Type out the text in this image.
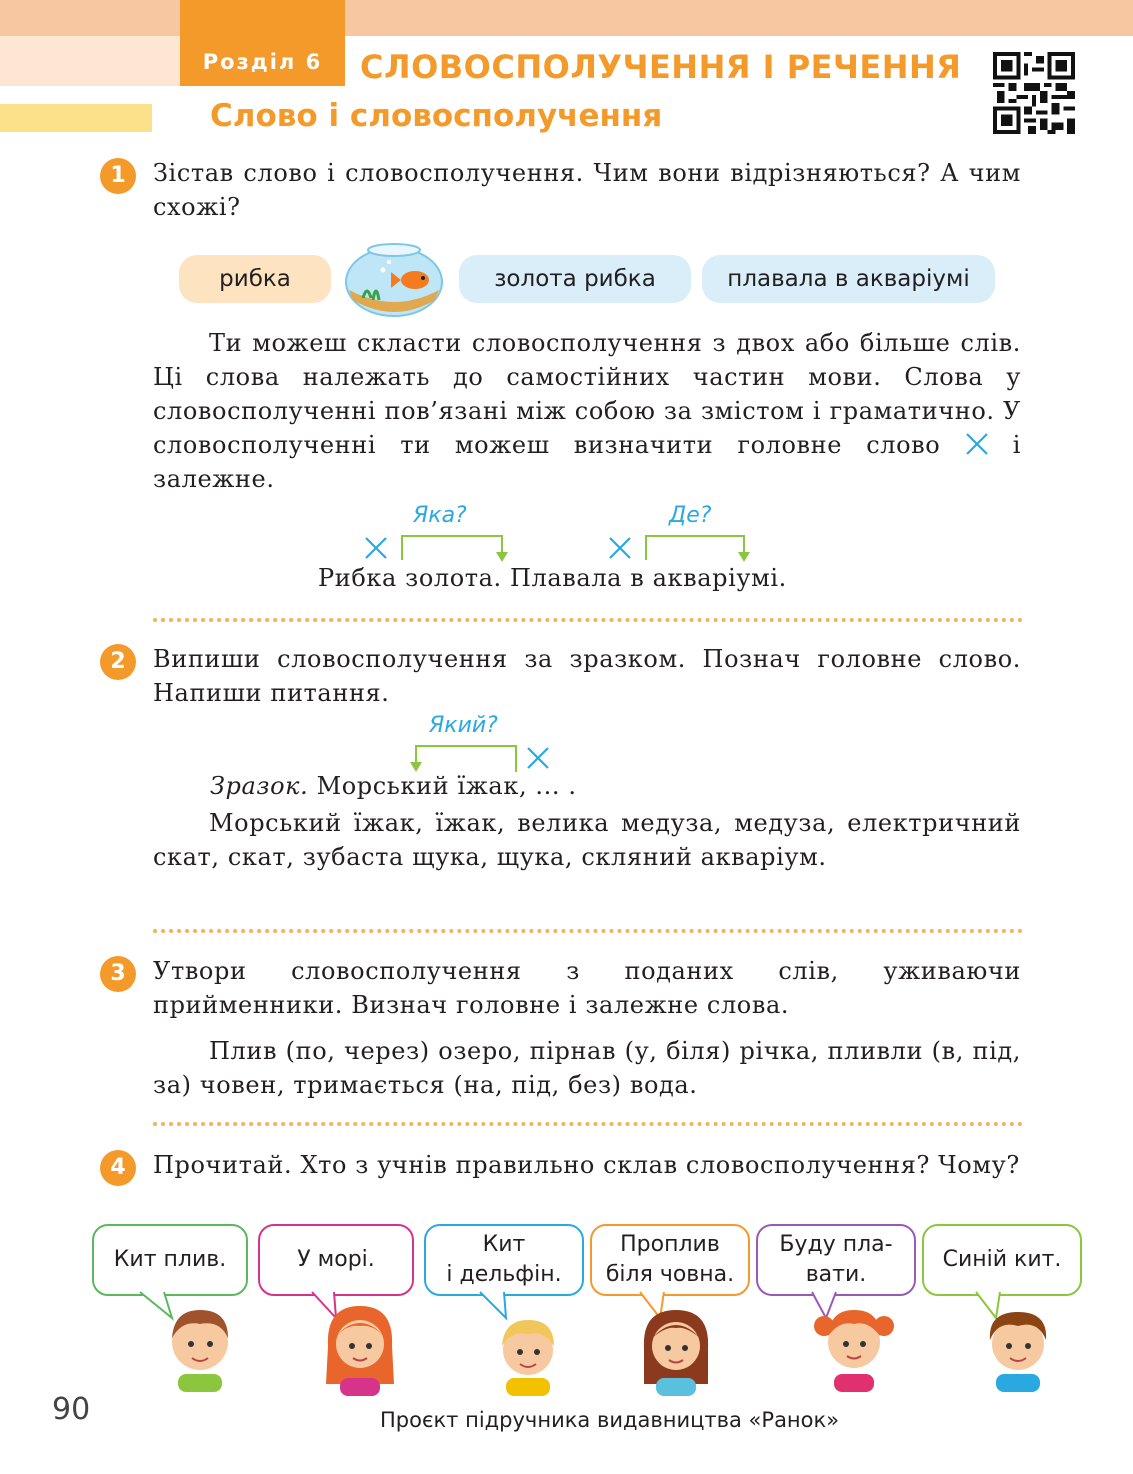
Розділ 6	СЛОВОСПОЛУЧЕННЯ І РЕЧЕННЯ
Слово і словосполучення
1	Зістав слово і словосполучення. Чим вони відрізняються? А чим схожі?
рибка	золота рибка	плавала в акваріумі
Ти можеш скласти словосполучення з двох або більше слів. Ці слова належать до самостійних частин мови. Слова у словосполученні пов’язані між собою за змістом і граматично. У словосполученні ти можеш визначити головне слово	і залежне.
Яка?	Де?
Рибка золота. Плавала в акваріумі.
2	Випиши словосполучення за зразком. Познач головне слово. Напиши питання.
Який?
Зразок. Морський їжак, ... .
Морський їжак, їжак, велика медуза, медуза, електричний скат, скат, зубаста щука, щука, скляний акваріум.
3	Утвори словосполучення з поданих слів, уживаючи прийменники. Визнач головне і залежне слова.
Плив (по, через) озеро, пірнав (у, біля) річка, пливли (в, під, за) човен, тримається (на, під, без) вода.
4	Прочитай. Хто з учнів правильно склав словосполучення? Чому?
Кит плив.	У морі.
Кит
і дельфін.
Проплив
біля човна.
Буду пла-
вати.
Синій кит.
90	Проєкт підручника видавництва «Ранок»
